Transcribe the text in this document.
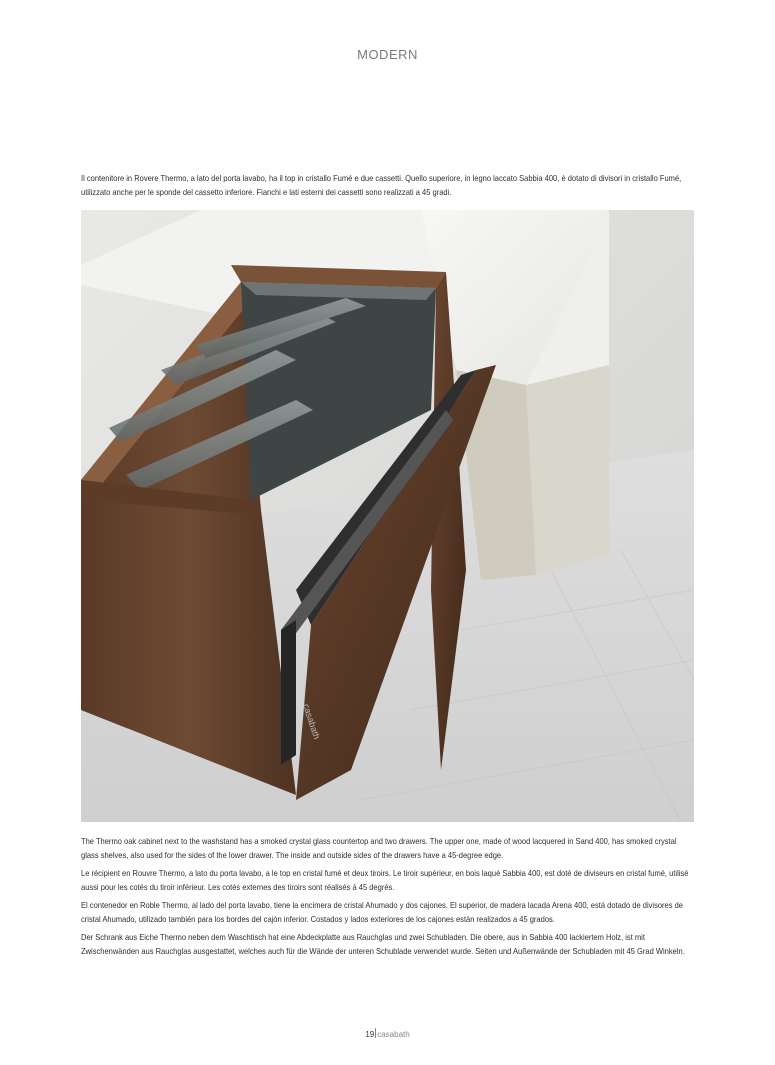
MODERN
Il contenitore in Rovere Thermo, a lato del porta lavabo, ha il top in cristallo Fumé e due cassetti. Quello superiore, in legno laccato Sabbia 400, è dotato di divisori in cristallo Fumé, utilizzato anche per le sponde del cassetto inferiore. Fianchi e lati esterni dei cassetti sono realizzati a 45 gradi.
casabath
The Thermo oak cabinet next to the washstand has a smoked crystal glass countertop and two drawers. The upper one, made of wood lacquered in Sand 400, has smoked crystal glass shelves, also used for the sides of the lower drawer. The inside and outside sides of the drawers have a 45-degree edge.
Le récipient en Rouvre Thermo, a lato du porta lavabo, a le top en cristal fumé et deux tiroirs. Le tiroir supérieur, en bois laqué Sabbia 400, est doté de diviseurs en cristal fumé, utilisé aussi pour les cotés du tiroir inférieur. Les cotés externes des tiroirs sont réalisés à 45 degrés.
El contenedor en Roble Thermo, al lado del porta lavabo, tiene la encimera de cristal Ahumado y dos cajones. El superior, de madera lacada Arena 400, está dotado de divisores de cristal Ahumado, utilizado también para los bordes del cajón inferior. Costados y lados exteriores de los cajones están realizados a 45 grados.
Der Schrank aus Eiche Thermo neben dem Waschtisch hat eine Abdeckplatte aus Rauchglas und zwei Schubladen. Die obere, aus in Sabbia 400 lackiertem Holz, ist mit Zwischenwänden aus Rauchglas ausgestattet, welches auch für die Wände der unteren Schublade verwendet wurde. Seiten und Außenwände der Schubladen mit 45 Grad Winkeln.
19 casabath
